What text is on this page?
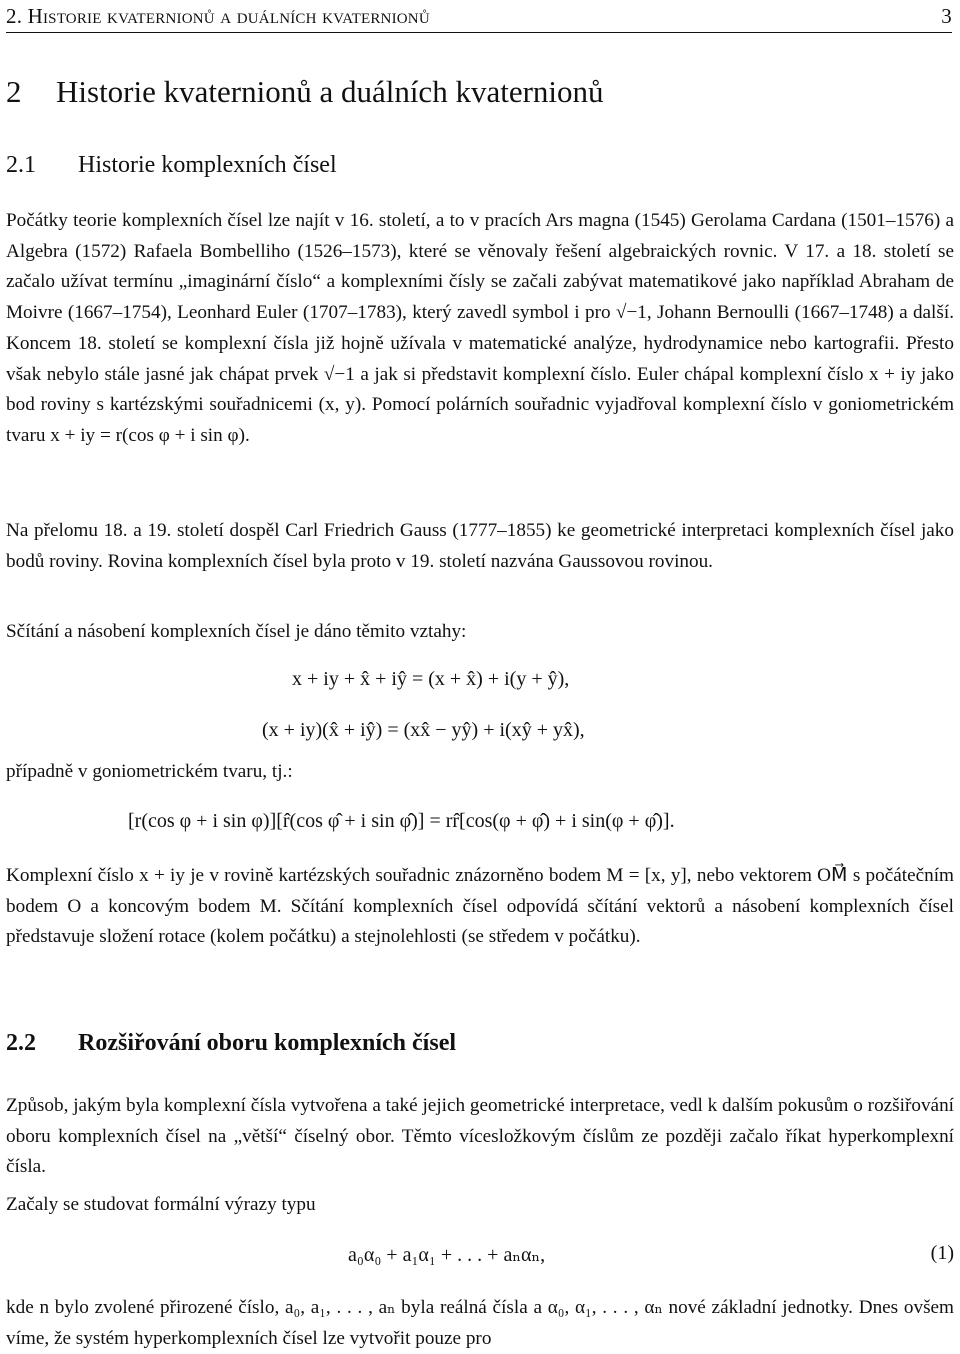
2. Historie kvaternionů a duálních kvaternionů	3
2 Historie kvaternionů a duálních kvaternionů
2.1 Historie komplexních čísel

Počátky teorie komplexních čísel lze najít v 16. století, a to v pracích Ars magna (1545) Gerolama Cardana (1501–1576) a Algebra (1572) Rafaela Bombelliho (1526–1573), které se věnovaly řešení algebraických rovnic. V 17. a 18. století se začalo užívat termínu „imaginární číslo“ a komplexními čísly se začali zabývat matematikové jako například Abraham de Moivre (1667–1754), Leonhard Euler (1707–1783), který zavedl symbol i pro √−1, Johann Bernoulli (1667–1748) a další. Koncem 18. století se komplexní čísla již hojně užívala v matematické analýze, hydrodynamice nebo kartografii. Přesto však nebylo stále jasné jak chápat prvek √−1 a jak si představit komplexní číslo. Euler chápal komplexní číslo x + iy jako bod roviny s kartézskými souřadnicemi (x, y). Pomocí polárních souřadnic vyjadřoval komplexní číslo v goniometrickém tvaru x + iy = r(cos φ + i sin φ).

Na přelomu 18. a 19. století dospěl Carl Friedrich Gauss (1777–1855) ke geometrické interpretaci komplexních čísel jako bodů roviny. Rovina komplexních čísel byla proto v 19. století nazvána Gaussovou rovinou.

Sčítání a násobení komplexních čísel je dáno těmito vztahy:

x + iy + x̂ + iŷ = (x + x̂) + i(y + ŷ),
(x + iy)(x̂ + iŷ) = (xx̂ − yŷ) + i(xŷ + yx̂),

případně v goniometrickém tvaru, tj.:

[r(cos φ + i sin φ)][r̂(cos φ̂ + i sin φ̂)] = rr̂[cos(φ + φ̂) + i sin(φ + φ̂)].

Komplexní číslo x + iy je v rovině kartézských souřadnic znázorněno bodem M = [x, y], nebo vektorem OM⃗ s počátečním bodem O a koncovým bodem M. Sčítání komplexních čísel odpovídá sčítání vektorů a násobení komplexních čísel představuje složení rotace (kolem počátku) a stejnolehlosti (se středem v počátku).

2.2 Rozšiřování oboru komplexních čísel

Způsob, jakým byla komplexní čísla vytvořena a také jejich geometrické interpretace, vedl k dalším pokusům o rozšiřování oboru komplexních čísel na „větší“ číselný obor. Těmto vícesložkovým číslům ze později začalo říkat hyperkomplexní čísla.

Začaly se studovat formální výrazy typu

a₀α₀ + a₁α₁ + . . . + aₙαₙ,	(1)

kde n bylo zvolené přirozené číslo, a₀, a₁, . . . , aₙ byla reálná čísla a α₀, α₁, . . . , αₙ nové základní jednotky. Dnes ovšem víme, že systém hyperkomplexních čísel lze vytvořit pouze pro
